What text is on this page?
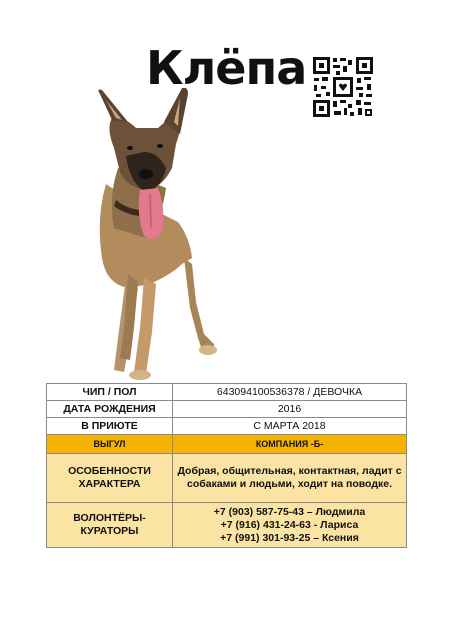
Клёпа
ЧИП / ПОЛ	643094100536378 / ДЕВОЧКА
ДАТА РОЖДЕНИЯ	2016
В ПРИЮТЕ	С МАРТА 2018
ВЫГУЛ	КОМПАНИЯ -Б-
ОСОБЕННОСТИ ХАРАКТЕРА	Добрая, общительная, контактная, ладит с собаками и людьми, ходит на поводке.
ВОЛОНТЁРЫ-КУРАТОРЫ	+7 (903) 587-75-43 – Людмила
+7 (916) 431-24-63 - Лариса
+7 (991) 301-93-25 – Ксения
